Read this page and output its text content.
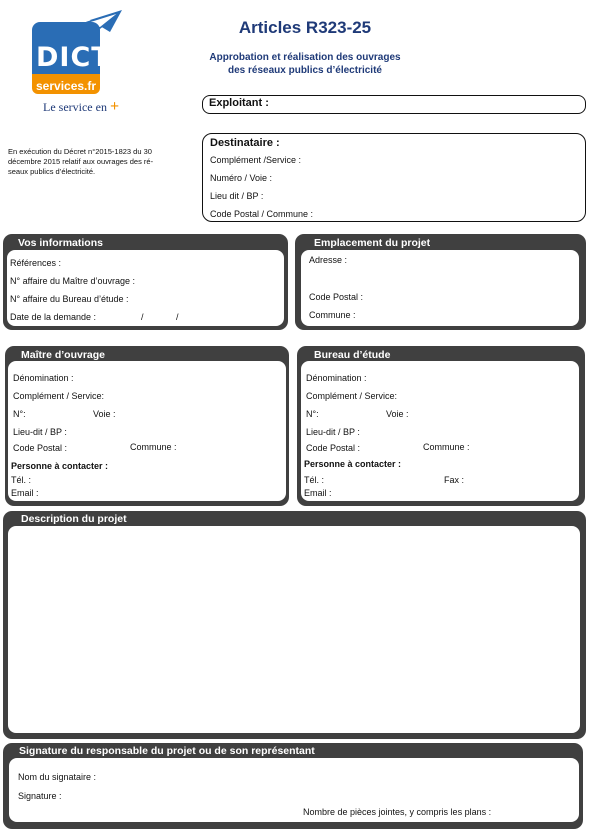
DICT
services.fr
Le service en +
Articles R323-25
Approbation et réalisation des ouvrages
des réseaux publics d’électricité
En exécution du Décret n°2015-1823 du 30
décembre 2015 relatif aux ouvrages des ré-
seaux publics d’électricité.
Exploitant :
Destinataire :
Complément /Service :
Numéro / Voie :
Lieu dit / BP :
Code Postal / Commune :
Vos informations
Références :
N° affaire du Maître d’ouvrage :
N° affaire du Bureau d’étude :
Date de la demande :	/	/
Emplacement du projet
Adresse :
Code Postal :
Commune :
Maître d’ouvrage
Dénomination :
Complément / Service:
N°:	Voie :
Lieu-dit / BP :
Code Postal :	Commune :
Personne à contacter :
Tél. :
Email :
Bureau d’étude
Dénomination :
Complément / Service:
N°:	Voie :
Lieu-dit / BP :
Code Postal :	Commune :
Personne à contacter :
Tél. :	Fax :
Email :
Description du projet
Signature du responsable du projet ou de son représentant
Nom du signataire :
Signature :
Nombre de pièces jointes, y compris les plans :
